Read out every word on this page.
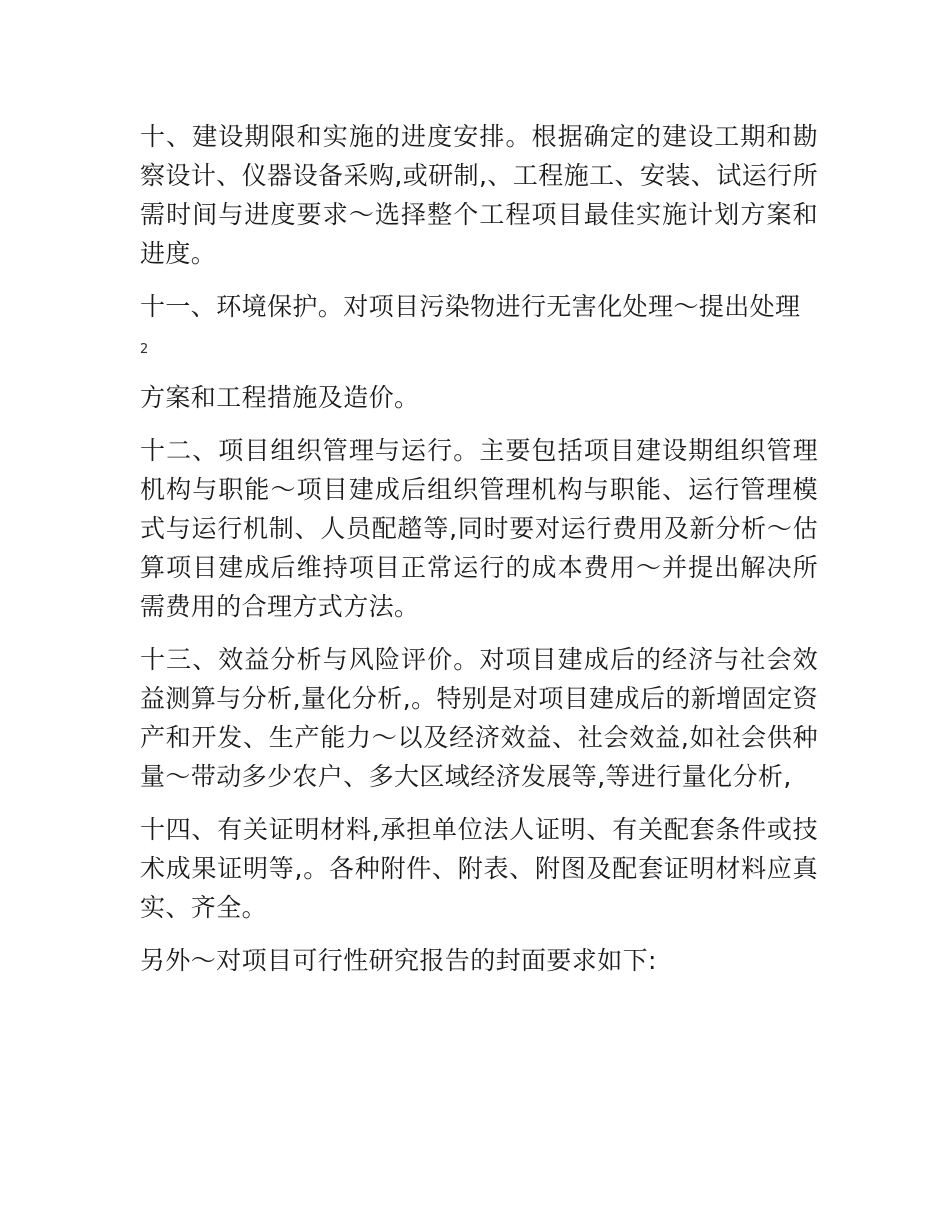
十、建设期限和实施的进度安排。根据确定的建设工期和勘察设计、仪器设备采购,或研制,、工程施工、安装、试运行所需时间与进度要求～选择整个工程项目最佳实施计划方案和进度。

十一、环境保护。对项目污染物进行无害化处理～提出处理

2

方案和工程措施及造价。

十二、项目组织管理与运行。主要包括项目建设期组织管理机构与职能～项目建成后组织管理机构与职能、运行管理模式与运行机制、人员配趦等,同时要对运行费用及新分析～估算项目建成后维持项目正常运行的成本费用～并提出解决所需费用的合理方式方法。

十三、效益分析与风险评价。对项目建成后的经济与社会效益测算与分析,量化分析,。特别是对项目建成后的新增固定资产和开发、生产能力～以及经济效益、社会效益,如社会供种量～带动多少农户、多大区域经济发展等,等进行量化分析,

十四、有关证明材料,承担单位法人证明、有关配套条件或技术成果证明等,。各种附件、附表、附图及配套证明材料应真实、齐全。

另外～对项目可行性研究报告的封面要求如下:
